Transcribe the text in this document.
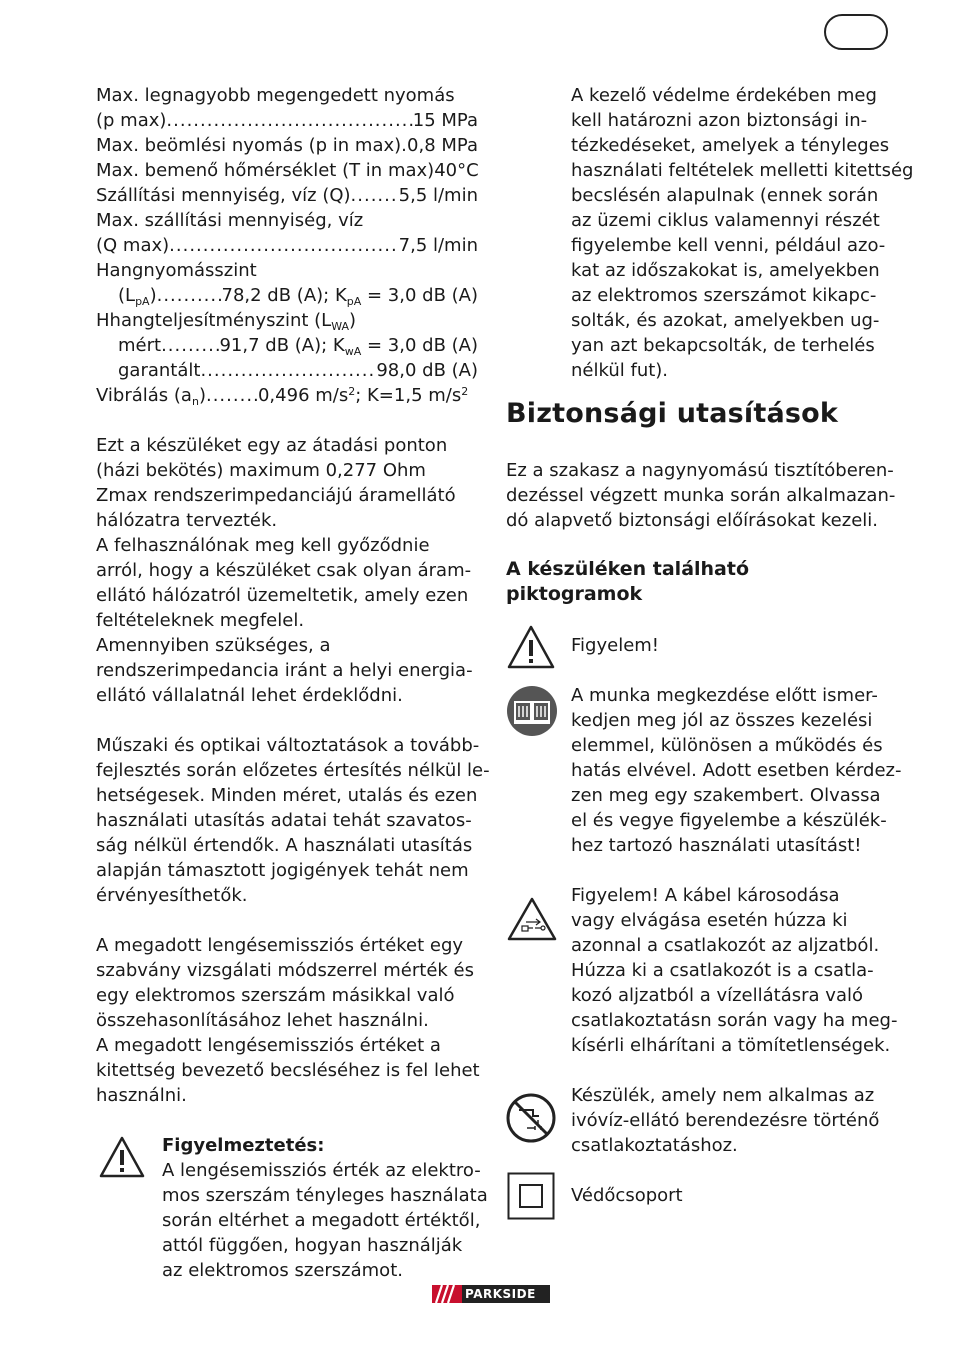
Max. legnagyobb megengedett nyomás
(p max) .....	15 MPa
Max. beömlési nyomás (p in max) ..... 0,8 MPa
Max. bemenő hőmérséklet (T in max) 40°C
Szállítási mennyiség, víz (Q) .....	5,5 l/min
Max. szállítási mennyiség, víz
(Q max) .....	7,5 l/min
Hangnyomásszint
$(L_{pA})$ .....	78,2 dB (A); $K_{pA} = 3,0$ dB (A)
Hhangteljesítményszint $(L_{WA})$
mért .....	91,7 dB (A); $K_{wA} = 3,0$ dB (A)
garantált .....	98,0 dB (A)
Vibrálás $(a_n)$ .....	0,496 $m/s^2$; K=1,5 $m/s^2$
Ezt a készüléket egy az átadási ponton
(házi bekötés) maximum 0,277 Ohm
Zmax rendszerimpedanciájú áramellátó
hálózatra tervezték.
A felhasználónak meg kell győződnie
arról, hogy a készüléket csak olyan áram-
ellátó hálózatról üzemeltetik, amely ezen
feltételeknek megfelel.
Amennyiben szükséges, a
rendszerimpedancia iránt a helyi energia-
ellátó vállalatnál lehet érdeklődni.
Műszaki és optikai változtatások a tovább-
fejlesztés során előzetes értesítés nélkül le-
hetségesek. Minden méret, utalás és ezen
használati utasítás adatai tehát szavatos-
ság nélkül értendők. A használati utasítás
alapján támasztott jogigények tehát nem
érvényesíthetők.
A megadott lengésemissziós értéket egy
szabvány vizsgálati módszerrel mérték és
egy elektromos szerszám másikkal való
összehasonlításához lehet használni.
A megadott lengésemissziós értéket a
kitettség bevezető becsléséhez is fel lehet
használni.
Figyelmeztetés:
A lengésemissziós érték az elektro-
mos szerszám tényleges használata
során eltérhet a megadott értéktől,
attól függően, hogyan használják
az elektromos szerszámot.
A kezelő védelme érdekében meg
kell határozni azon biztonsági in-
tézkedéseket, amelyek a tényleges
használati feltételek melletti kitettség
becslésén alapulnak (ennek során
az üzemi ciklus valamennyi részét
figyelembe kell venni, például azo-
kat az időszakokat is, amelyekben
az elektromos szerszámot kikapc-
solták, és azokat, amelyekben ug-
yan azt bekapcsolták, de terhelés
nélkül fut).
Biztonsági utasítások
Ez a szakasz a nagynyomású tisztítóberen-
dezéssel végzett munka során alkalmazan-
dó alapvető biztonsági előírásokat kezeli.
A készüléken található
piktogramok
Figyelem!
A munka megkezdése előtt ismer-
kedjen meg jól az összes kezelési
elemmel, különösen a működés és
hatás elvével. Adott esetben kérdez-
zen meg egy szakembert. Olvassa
el és vegye figyelembe a készülék-
hez tartozó használati utasítást!
Figyelem! A kábel károsodása
vagy elvágása esetén húzza ki
azonnal a csatlakozót az aljzatból.
Húzza ki a csatlakozót is a csatla-
kozó aljzatból a vízellátásra való
csatlakoztatásn során vagy ha meg-
kísérli elhárítani a tömítetlenségek.
Készülék, amely nem alkalmas az
ivóvíz-ellátó berendezésre történő
csatlakoztatáshoz.
Védőcsoport
PARKSIDE
